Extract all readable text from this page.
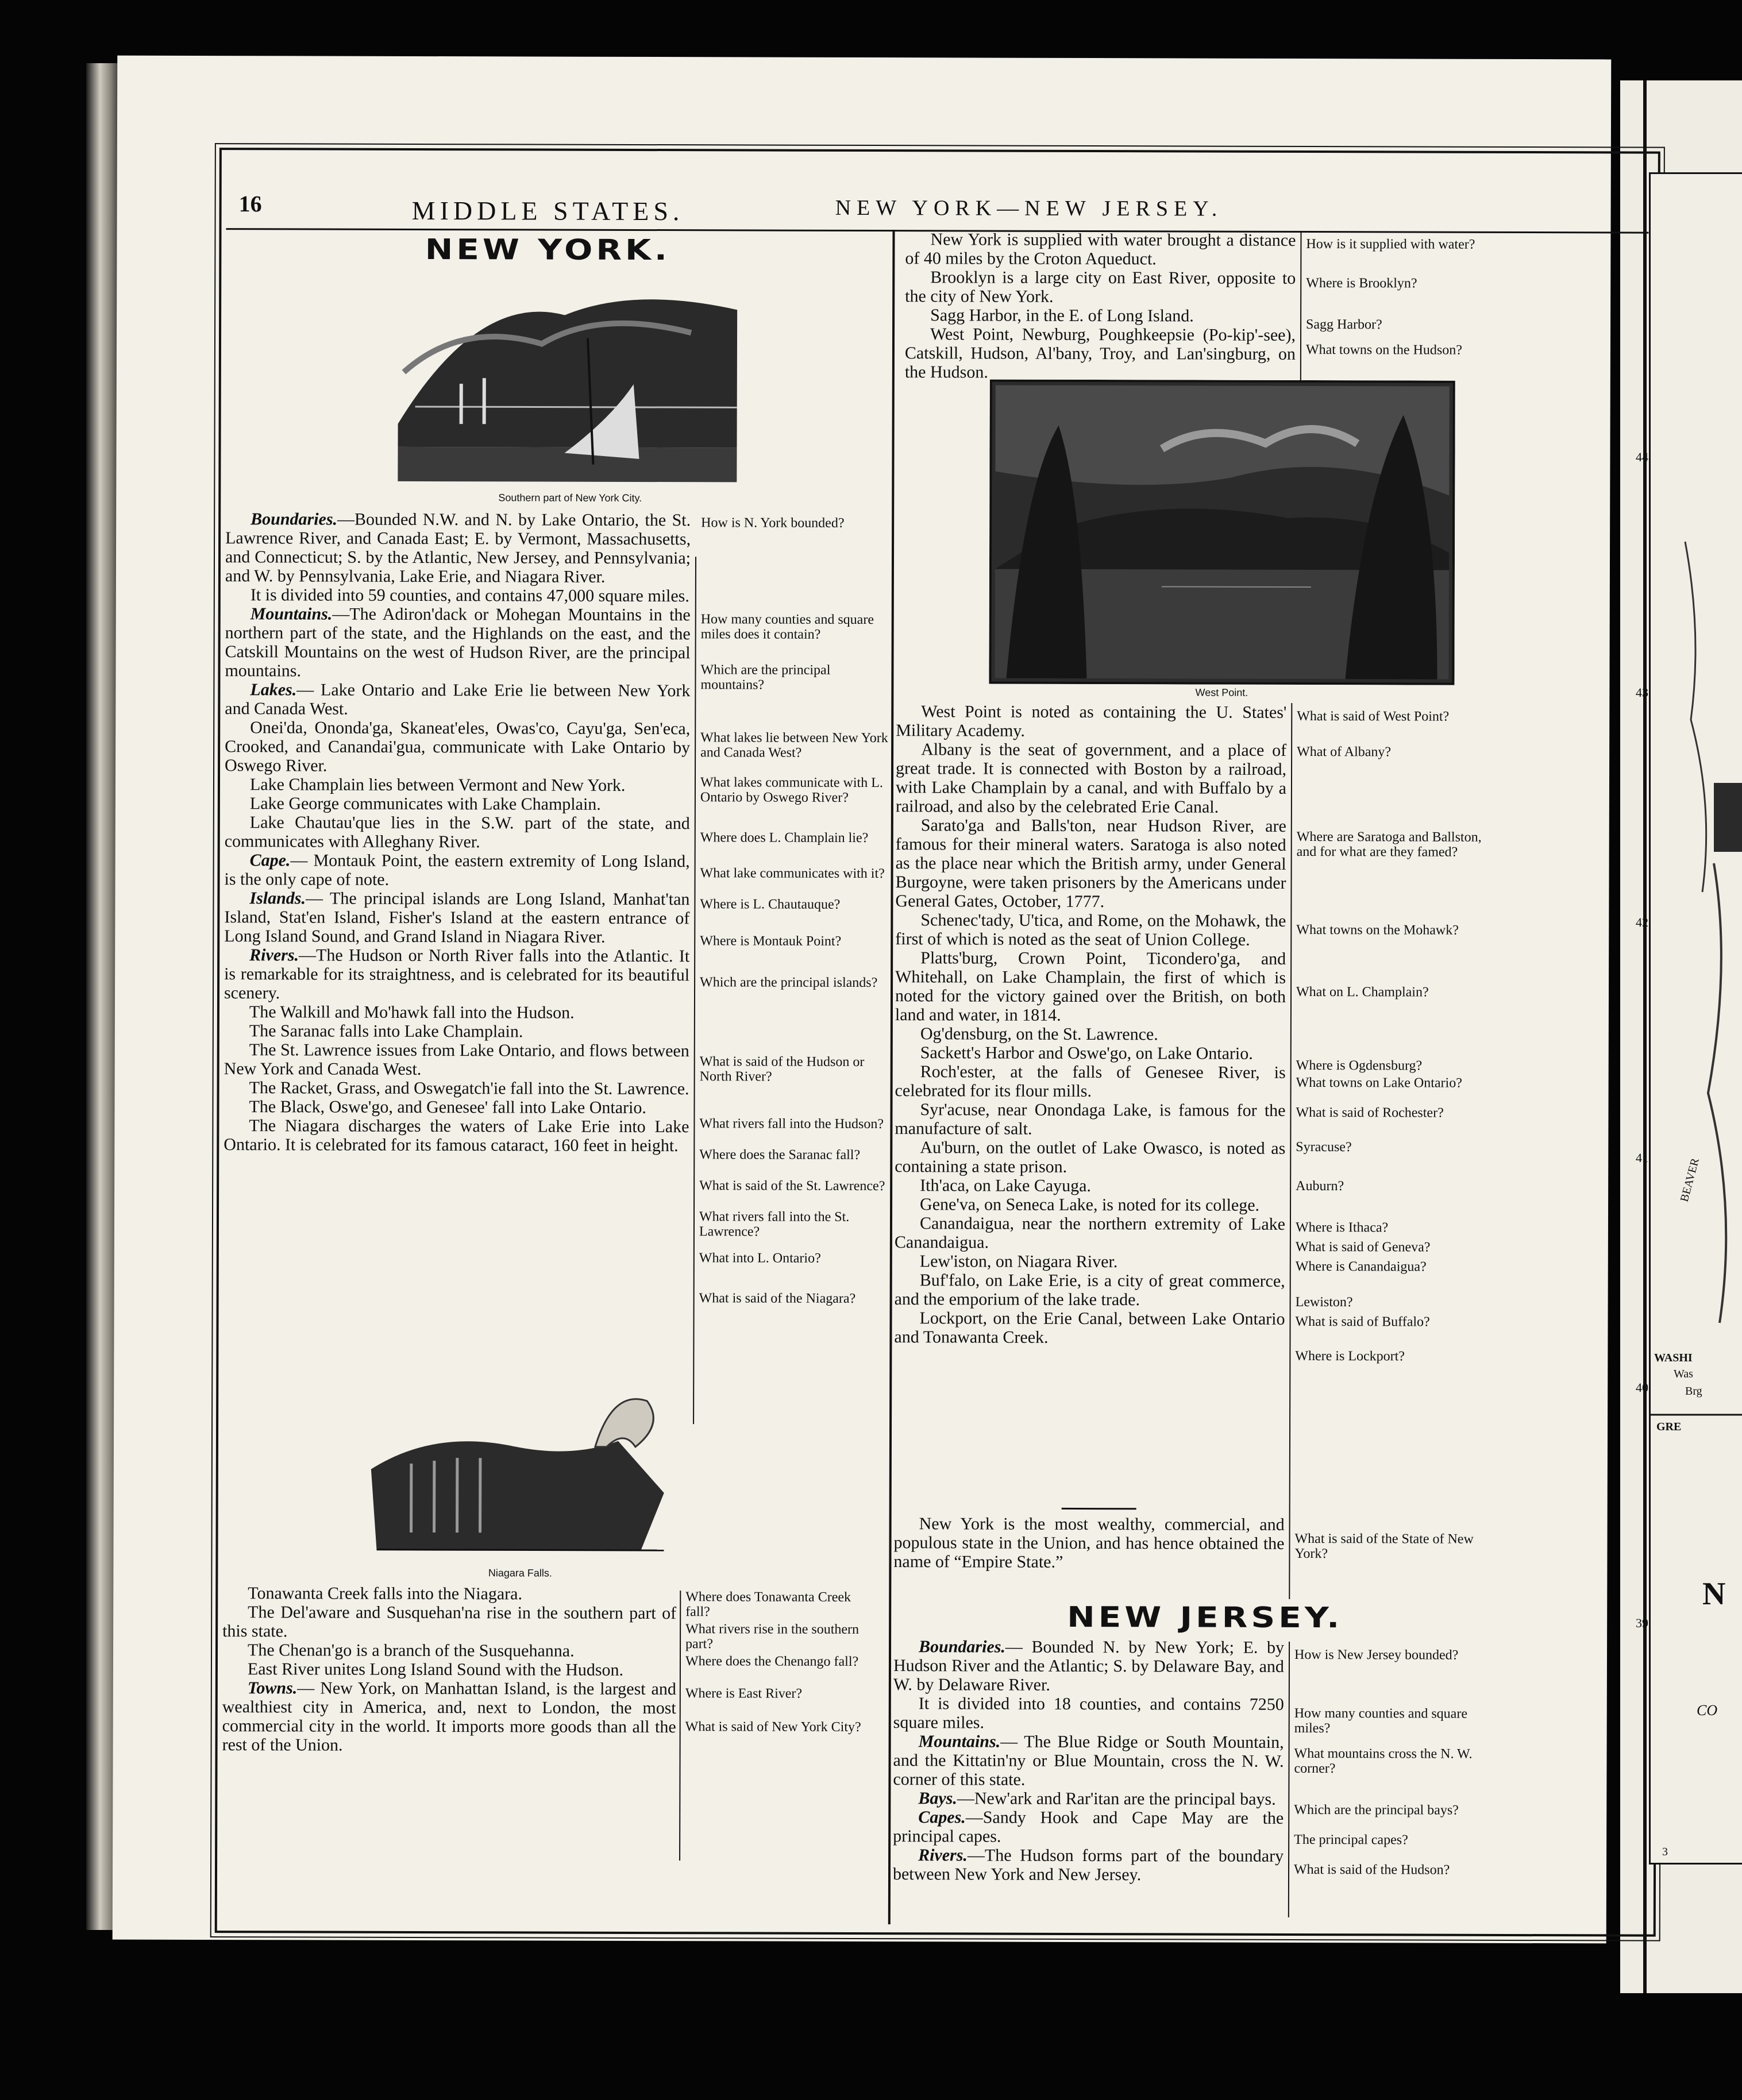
16	NEW YORK—NEW JERSEY.
MIDDLE STATES.
NEW YORK.
Southern part of New York City.

Boundaries.—Bounded N.W. and N. by Lake Ontario, the St. Lawrence River, and Canada East; E. by Vermont, Massachusetts, and Connecticut; S. by the Atlantic, New Jersey, and Pennsylvania; and W. by Pennsylvania, Lake Erie, and Niagara River.

It is divided into 59 counties, and contains 47,000 square miles.

Mountains.—The Adiron'dack or Mohegan Mountains in the northern part of the state, and the Highlands on the east, and the Catskill Mountains on the west of Hudson River, are the principal mountains.

Lakes.— Lake Ontario and Lake Erie lie between New York and Canada West.

Onei'da, Ononda'ga, Skaneat'eles, Owas'co, Cayu'ga, Sen'eca, Crooked, and Canandai'gua, communicate with Lake Ontario by Oswego River.

Lake Champlain lies between Vermont and New York.

Lake George communicates with Lake Champlain.

Lake Chautau'que lies in the S.W. part of the state, and communicates with Alleghany River.

Cape.— Montauk Point, the eastern extremity of Long Island, is the only cape of note.

Islands.— The principal islands are Long Island, Manhat'tan Island, Stat'en Island, Fisher's Island at the eastern entrance of Long Island Sound, and Grand Island in Niagara River.

Rivers.—The Hudson or North River falls into the Atlantic. It is remarkable for its straightness, and is celebrated for its beautiful scenery.

The Walkill and Mo'hawk fall into the Hudson.

The Saranac falls into Lake Champlain.

The St. Lawrence issues from Lake Ontario, and flows between New York and Canada West.

The Racket, Grass, and Oswegatch'ie fall into the St. Lawrence.

The Black, Oswe'go, and Genesee' fall into Lake Ontario.

The Niagara discharges the waters of Lake Erie into Lake Ontario. It is celebrated for its famous cataract, 160 feet in height.

How is N. York bounded?
How many counties and square miles does it contain?
Which are the principal mountains?
What lakes lie between New York and Canada West?
What lakes communicate with L. Ontario by Oswego River?
Where does L. Champlain lie?
What lake communicates with it?
Where is L. Chautauque?
Where is Montauk Point?
Which are the principal islands?
What is said of the Hudson or North River?
What rivers fall into the Hudson?
Where does the Saranac fall?
What is said of the St. Lawrence?
What rivers fall into the St. Lawrence?
What into L. Ontario?
What is said of the Niagara?
Niagara Falls.

Tonawanta Creek falls into the Niagara.

The Del'aware and Susquehan'na rise in the southern part of this state.

The Chenan'go is a branch of the Susquehanna.

East River unites Long Island Sound with the Hudson.

Towns.— New York, on Manhattan Island, is the largest and wealthiest city in America, and, next to London, the most commercial city in the world. It imports more goods than all the rest of the Union.

Where does Tonawanta Creek fall?
What rivers rise in the southern part?
Where does the Chenango fall?
Where is East River?
What is said of New York City?

New York is supplied with water brought a distance of 40 miles by the Croton Aqueduct.

Brooklyn is a large city on East River, opposite to the city of New York.

Sagg Harbor, in the E. of Long Island.

West Point, Newburg, Poughkeepsie (Po-kip'-see), Catskill, Hudson, Al'bany, Troy, and Lan'singburg, on the Hudson.

How is it supplied with water?
Where is Brooklyn?
Sagg Harbor?
What towns on the Hudson?
West Point.

West Point is noted as containing the U. States' Military Academy.

Albany is the seat of government, and a place of great trade. It is connected with Boston by a railroad, with Lake Champlain by a canal, and with Buffalo by a railroad, and also by the celebrated Erie Canal.

Sarato'ga and Balls'ton, near Hudson River, are famous for their mineral waters. Saratoga is also noted as the place near which the British army, under General Burgoyne, were taken prisoners by the Americans under General Gates, October, 1777.

Schenec'tady, U'tica, and Rome, on the Mohawk, the first of which is noted as the seat of Union College.

Platts'burg, Crown Point, Ticondero'ga, and Whitehall, on Lake Champlain, the first of which is noted for the victory gained over the British, on both land and water, in 1814.

Og'densburg, on the St. Lawrence.

Sackett's Harbor and Oswe'go, on Lake Ontario.

Roch'ester, at the falls of Genesee River, is celebrated for its flour mills.

Syr'acuse, near Onondaga Lake, is famous for the manufacture of salt.

Au'burn, on the outlet of Lake Owasco, is noted as containing a state prison.

Ith'aca, on Lake Cayuga.

Gene'va, on Seneca Lake, is noted for its college.

Canandaigua, near the northern extremity of Lake Canandaigua.

Lew'iston, on Niagara River.

Buf'falo, on Lake Erie, is a city of great commerce, and the emporium of the lake trade.

Lockport, on the Erie Canal, between Lake Ontario and Tonawanta Creek.

What is said of West Point?
What of Albany?
Where are Saratoga and Ballston, and for what are they famed?
What towns on the Mohawk?
What on L. Champlain?
Where is Ogdensburg?
What towns on Lake Ontario?
What is said of Rochester?
Syracuse?
Auburn?
Where is Ithaca?
What is said of Geneva?
Where is Canandaigua?
Lewiston?
What is said of Buffalo?
Where is Lockport?

New York is the most wealthy, commercial, and populous state in the Union, and has hence obtained the name of “Empire State.”

What is said of the State of New York?
NEW JERSEY.

Boundaries.— Bounded N. by New York; E. by Hudson River and the Atlantic; S. by Delaware Bay, and W. by Delaware River.

It is divided into 18 counties, and contains 7250 square miles.

Mountains.— The Blue Ridge or South Mountain, and the Kittatin'ny or Blue Mountain, cross the N. W. corner of this state.

Bays.—New'ark and Rar'itan are the principal bays.

Capes.—Sandy Hook and Cape May are the principal capes.

Rivers.—The Hudson forms part of the boundary between New York and New Jersey.

How is New Jersey bounded?
How many counties and square miles?
What mountains cross the N. W. corner?
Which are the principal bays?
The principal capes?
What is said of the Hudson?
44
43
42
41
40
39
BEAVER
WASHI
Was
Brg
GRE
N
CO
3
